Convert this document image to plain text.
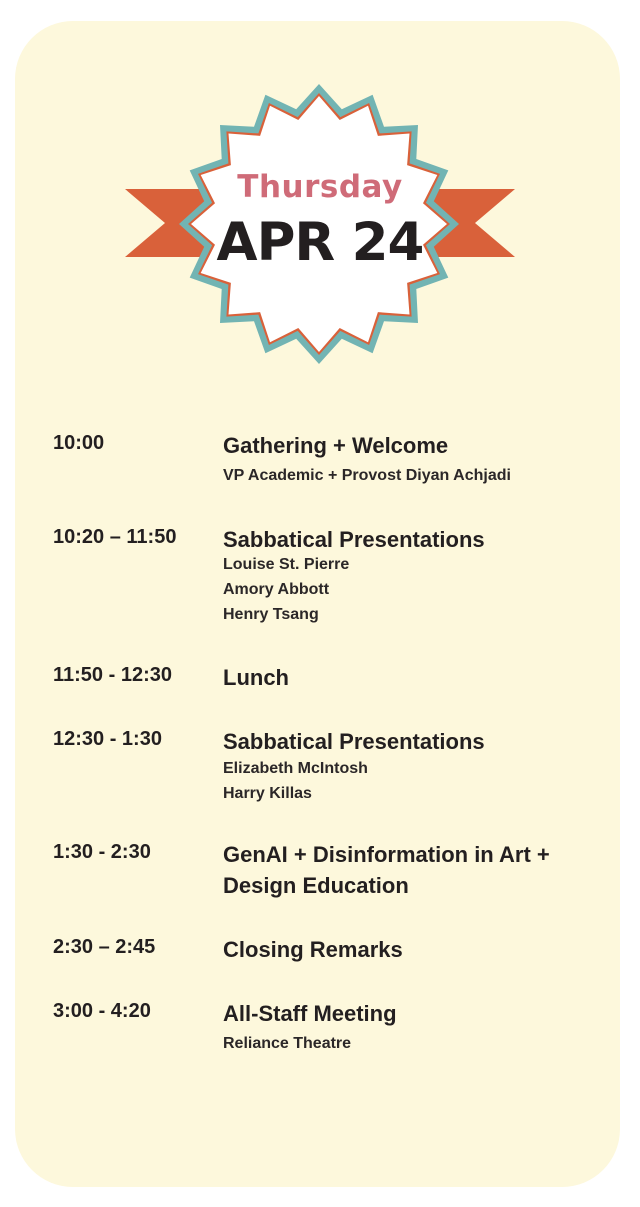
Thursday
APR 24
10:00	Gathering + Welcome
VP Academic + Provost Diyan Achjadi
10:20 – 11:50 Sabbatical Presentations
Louise St. Pierre
Amory Abbott
Henry Tsang
11:50 - 12:30 Lunch
12:30 - 1:30	Sabbatical Presentations
Elizabeth McIntosh
Harry Killas
1:30 - 2:30	GenAI + Disinformation in Art + Design Education
2:30 – 2:45	Closing Remarks
3:00 - 4:20	All-Staff Meeting
Reliance Theatre
